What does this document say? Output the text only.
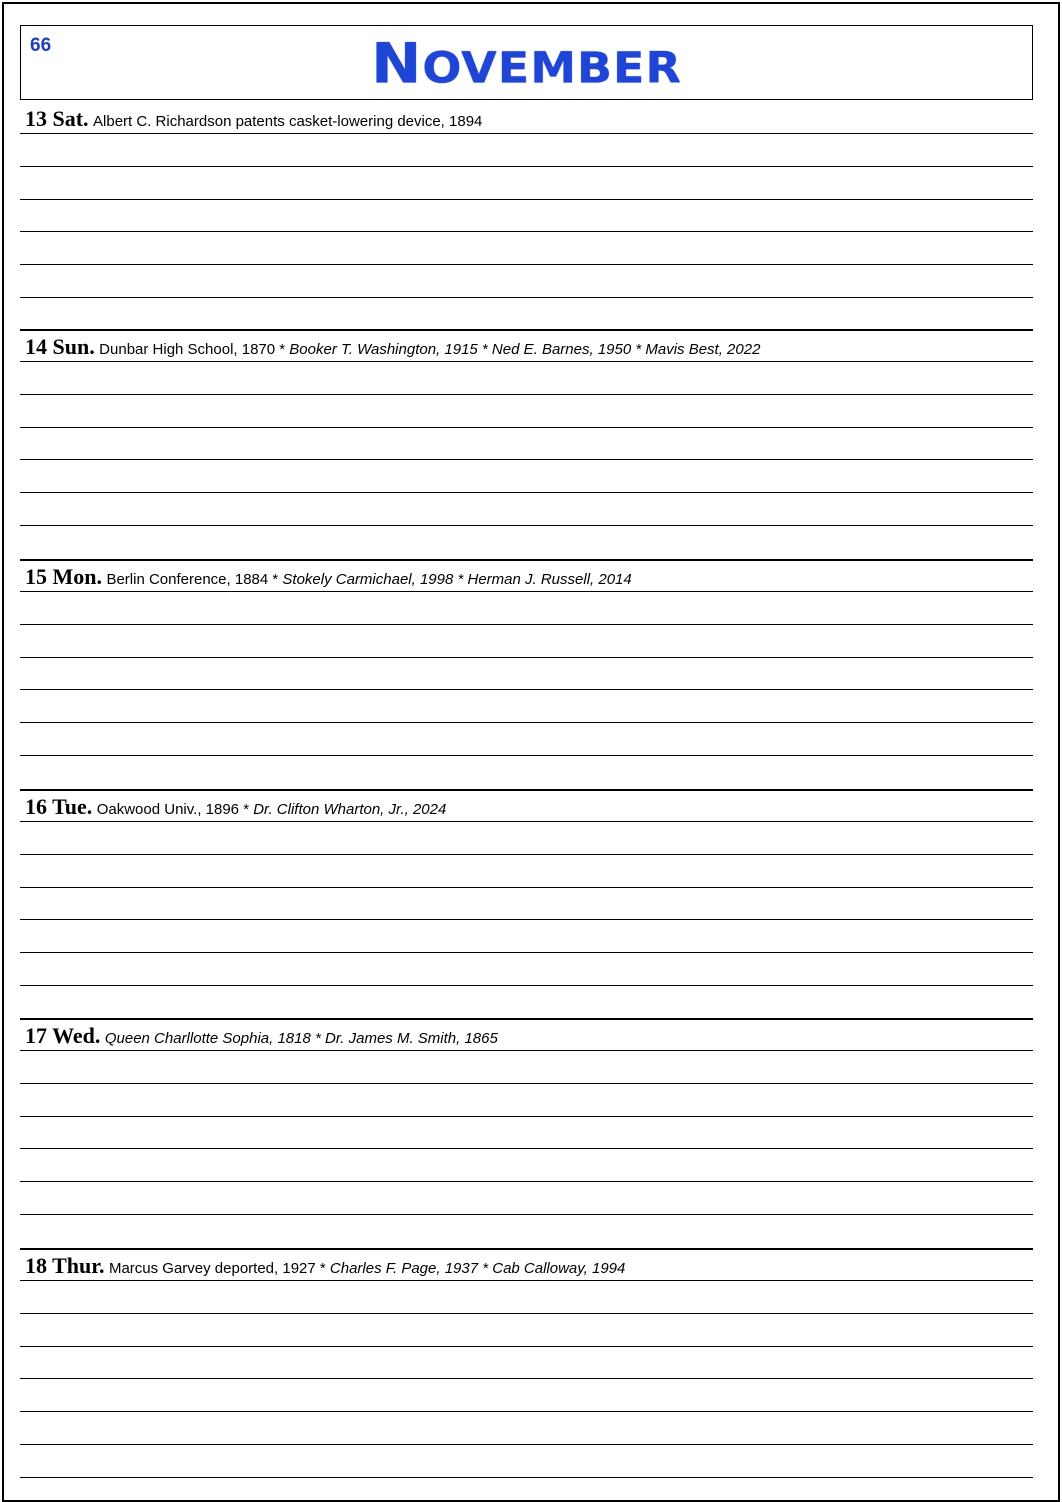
66	NOVEMBER
13 Sat. Albert C. Richardson patents casket-lowering device, 1894
14 Sun. Dunbar High School, 1870 * Booker T. Washington, 1915 * Ned E. Barnes, 1950 * Mavis Best, 2022
15 Mon. Berlin Conference, 1884 * Stokely Carmichael, 1998 * Herman J. Russell, 2014
16 Tue. Oakwood Univ., 1896 * Dr. Clifton Wharton, Jr., 2024
17 Wed. Queen Charllotte Sophia, 1818 * Dr. James M. Smith, 1865
18 Thur. Marcus Garvey deported, 1927 * Charles F. Page, 1937 * Cab Calloway, 1994
